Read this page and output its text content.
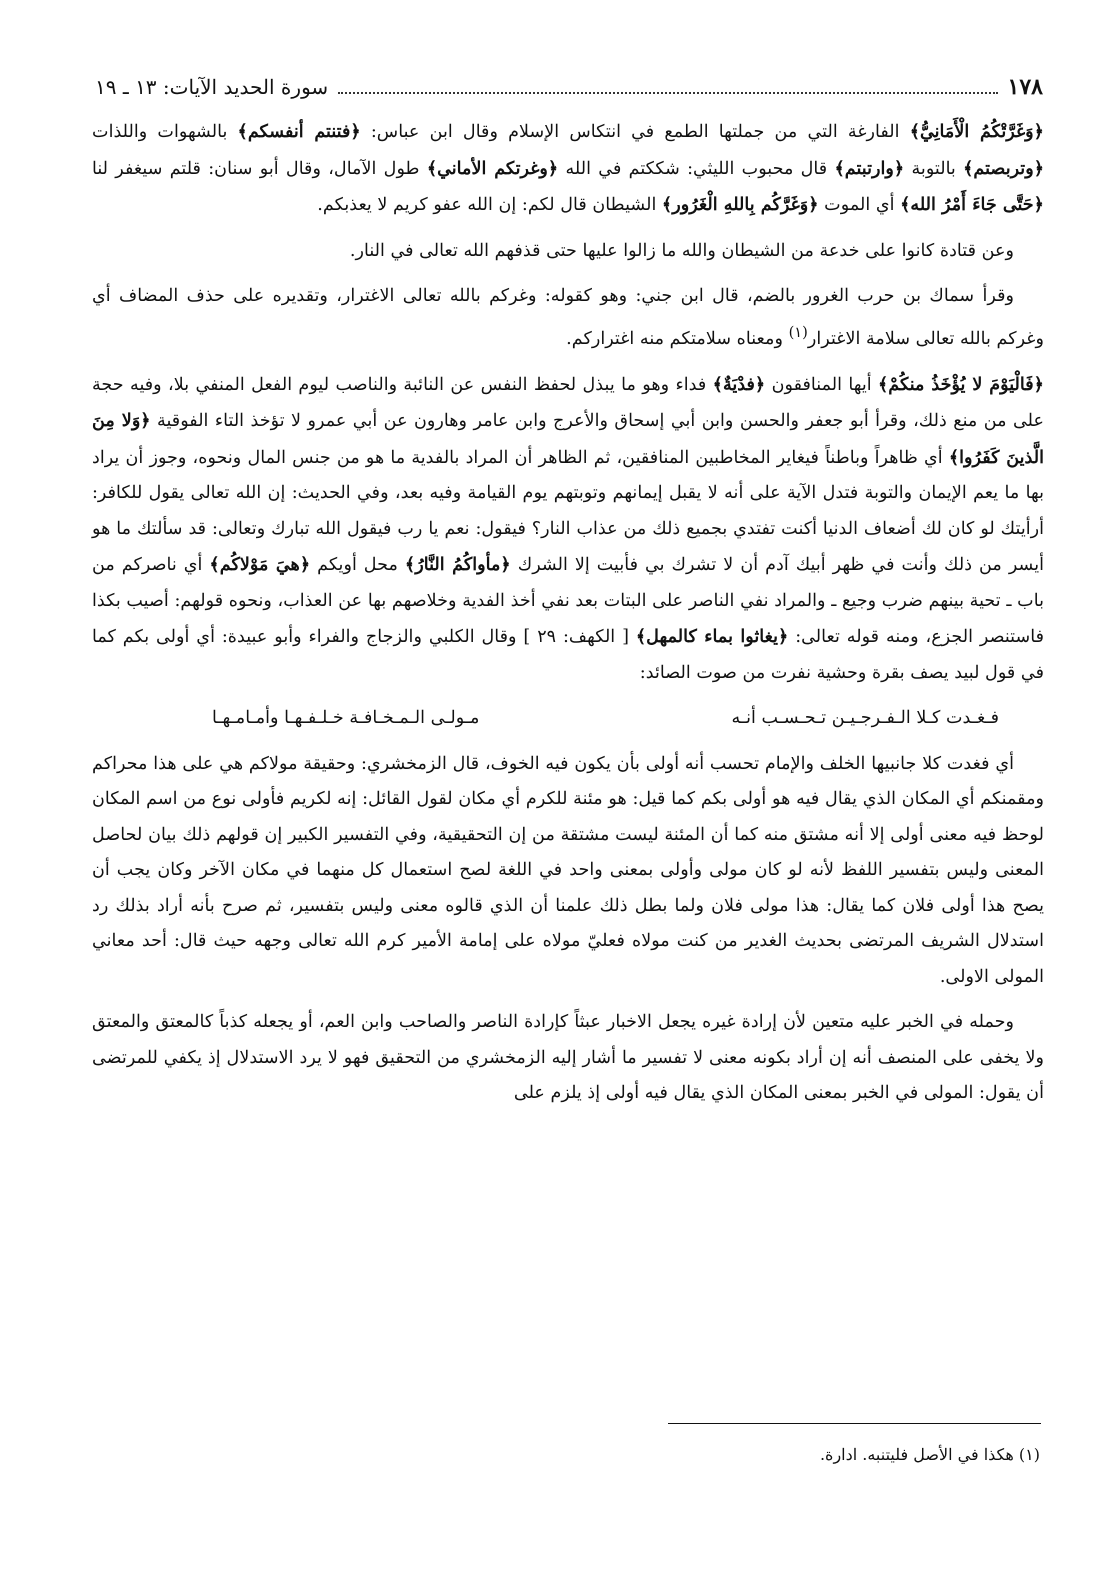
١٧٨
سورة الحديد الآيات: ١٣ ـ ١٩

﴿وَغَرَّتْكُمُ الْأَمَانِيُّ﴾ الفارغة التي من جملتها الطمع في انتكاس الإسلام وقال ابن عباس: ﴿فتنتم أنفسكم﴾ بالشهوات واللذات ﴿وتربصتم﴾ بالتوبة ﴿وارتبتم﴾ قال محبوب الليثي: شككتم في الله ﴿وغرتكم الأماني﴾ طول الآمال، وقال أبو سنان: قلتم سيغفر لنا ﴿حَتَّى جَاءَ أَمْرُ الله﴾ أي الموت ﴿وَغَرَّكُم بِاللهِ الْغَرُور﴾ الشيطان قال لكم: إن الله عفو كريم لا يعذبكم.

وعن قتادة كانوا على خدعة من الشيطان والله ما زالوا عليها حتى قذفهم الله تعالى في النار.

وقرأ سماك بن حرب الغرور بالضم، قال ابن جني: وهو كقوله: وغركم بالله تعالى الاغترار، وتقديره على حذف المضاف أي وغركم بالله تعالى سلامة الاغترار$^{(١)}$ ومعناه سلامتكم منه اغتراركم.

﴿فَالْيَوْمَ لا يُؤْخَذُ منكُمْ﴾ أيها المنافقون ﴿فدْيَةٌ﴾ فداء وهو ما يبذل لحفظ النفس عن النائبة والناصب ليوم الفعل المنفي بلا، وفيه حجة على من منع ذلك، وقرأ أبو جعفر والحسن وابن أبي إسحاق والأعرج وابن عامر وهارون عن أبي عمرو لا تؤخذ التاء الفوقية ﴿وَلا مِنَ الَّذينَ كَفَرُوا﴾ أي ظاهراً وباطناً فيغاير المخاطبين المنافقين، ثم الظاهر أن المراد بالفدية ما هو من جنس المال ونحوه، وجوز أن يراد بها ما يعم الإيمان والتوبة فتدل الآية على أنه لا يقبل إيمانهم وتوبتهم يوم القيامة وفيه بعد، وفي الحديث: إن الله تعالى يقول للكافر: أرأيتك لو كان لك أضعاف الدنيا أكنت تفتدي بجميع ذلك من عذاب النار؟ فيقول: نعم يا رب فيقول الله تبارك وتعالى: قد سألتك ما هو أيسر من ذلك وأنت في ظهر أبيك آدم أن لا تشرك بي فأبيت إلا الشرك ﴿مأواكُمُ النَّارُ﴾ محل أويكم ﴿هيَ مَوْلاكُم﴾ أي ناصركم من باب ـ تحية بينهم ضرب وجيع ـ والمراد نفي الناصر على البتات بعد نفي أخذ الفدية وخلاصهم بها عن العذاب، ونحوه قولهم: أصيب بكذا فاستنصر الجزع، ومنه قوله تعالى: ﴿يغاثوا بماء كالمهل﴾ [ الكهف: ٢٩ ] وقال الكلبي والزجاج والفراء وأبو عبيدة: أي أولى بكم كما في قول لبيد يصف بقرة وحشية نفرت من صوت الصائد:

فـغـدت كـلا الـفـرجـيـن تـحـسـب أنـه
مـولـى الـمـخـافـة خـلـفـهـا وأمـامـهـا

أي فغدت كلا جانبيها الخلف والإمام تحسب أنه أولى بأن يكون فيه الخوف، قال الزمخشري: وحقيقة مولاكم هي على هذا محراكم ومقمنكم أي المكان الذي يقال فيه هو أولى بكم كما قيل: هو مئنة للكرم أي مكان لقول القائل: إنه لكريم فأولى نوع من اسم المكان لوحظ فيه معنى أولى إلا أنه مشتق منه كما أن المئنة ليست مشتقة من إن التحقيقية، وفي التفسير الكبير إن قولهم ذلك بيان لحاصل المعنى وليس بتفسير اللفظ لأنه لو كان مولى وأولى بمعنى واحد في اللغة لصح استعمال كل منهما في مكان الآخر وكان يجب أن يصح هذا أولى فلان كما يقال: هذا مولى فلان ولما بطل ذلك علمنا أن الذي قالوه معنى وليس بتفسير، ثم صرح بأنه أراد بذلك رد استدلال الشريف المرتضى بحديث الغدير من كنت مولاه فعليّ مولاه على إمامة الأمير كرم الله تعالى وجهه حيث قال: أحد معاني المولى الاولى.

وحمله في الخبر عليه متعين لأن إرادة غيره يجعل الاخبار عبثاً كإرادة الناصر والصاحب وابن العم، أو يجعله كذباً كالمعتق والمعتق ولا يخفى على المنصف أنه إن أراد بكونه معنى لا تفسير ما أشار إليه الزمخشري من التحقيق فهو لا يرد الاستدلال إذ يكفي للمرتضى أن يقول: المولى في الخبر بمعنى المكان الذي يقال فيه أولى إذ يلزم على

(١) هكذا في الأصل فليتنبه. ادارة.
